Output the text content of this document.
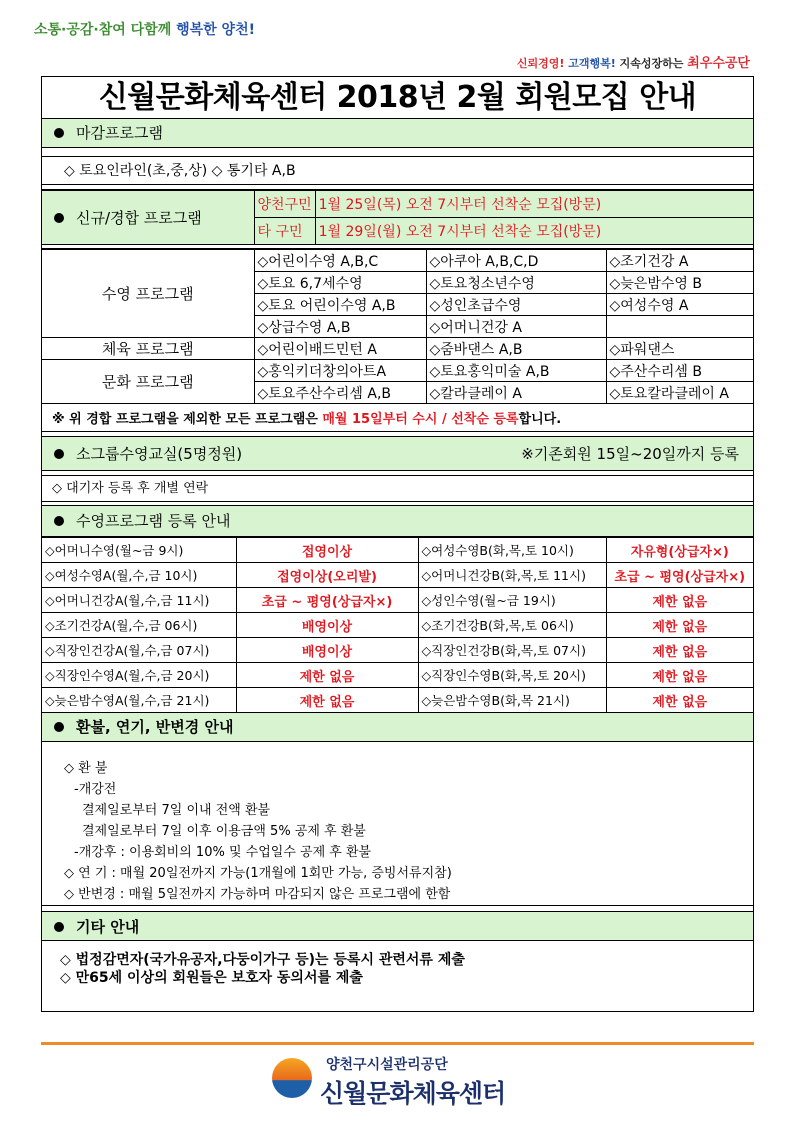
소통·공감·참여 다함께 행복한 양천!
신뢰경영! 고객행복! 지속성장하는 최우수공단
신월문화체육센터 2018년 2월 회원모집 안내
마감프로그램
◇ 토요인라인(초,중,상) ◇ 통기타 A,B
신규/경합 프로그램	양천구민	1월 25일(목) 오전 7시부터 선착순 모집(방문)
	타 구민	1월 29일(월) 오전 7시부터 선착순 모집(방문)
수영 프로그램	◇어린이수영 A,B,C	◇아쿠아 A,B,C,D	◇조기건강 A
	◇토요 6,7세수영	◇토요청소년수영	◇늦은밤수영 B
	◇토요 어린이수영 A,B	◇성인초급수영	◇여성수영 A
	◇상급수영 A,B	◇어머니건강 A	
체육 프로그램	◇어린이배드민턴 A	◇줌바댄스 A,B	◇파워댄스
문화 프로그램	◇홍익키더창의아트A	◇토요홍익미술 A,B	◇주산수리셈 B
	◇토요주산수리셈 A,B	◇칼라클레이 A	◇토요칼라클레이 A
※ 위 경합 프로그램을 제외한 모든 프로그램은 매월 15일부터 수시 / 선착순 등록합니다.			
소그룹수영교실(5명정원)	※기존회원 15일~20일까지 등록
◇ 대기자 등록 후 개별 연락
수영프로그램 등록 안내
◇어머니수영(월~금 9시)	접영이상	◇여성수영B(화,목,토 10시)	자유형(상급자×)
◇여성수영A(월,수,금 10시)	접영이상(오리발)	◇어머니건강B(화,목,토 11시)	초급 ~ 평영(상급자×)
◇어머니건강A(월,수,금 11시)	초급 ~ 평영(상급자×)	◇성인수영(월~금 19시)	제한 없음
◇조기건강A(월,수,금 06시)	배영이상	◇조기건강B(화,목,토 06시)	제한 없음
◇직장인건강A(월,수,금 07시)	배영이상	◇직장인건강B(화,목,토 07시)	제한 없음
◇직장인수영A(월,수,금 20시)	제한 없음	◇직장인수영B(화,목,토 20시)	제한 없음
◇늦은밤수영A(월,수,금 21시)	제한 없음	◇늦은밤수영B(화,목 21시)	제한 없음
환불, 연기, 반변경 안내
◇ 환 불
-개강전
결제일로부터 7일 이내 전액 환불
결제일로부터 7일 이후 이용금액 5% 공제 후 환불
-개강후 : 이용회비의 10% 및 수업일수 공제 후 환불
◇ 연 기 : 매월 20일전까지 가능(1개월에 1회만 가능, 증빙서류지참)
◇ 반변경 : 매월 5일전까지 가능하며 마감되지 않은 프로그램에 한함
기타 안내
◇ 법정감면자(국가유공자,다둥이가구 등)는 등록시 관련서류 제출
◇ 만65세 이상의 회원들은 보호자 동의서를 제출
양천구시설관리공단
신월문화체육센터
